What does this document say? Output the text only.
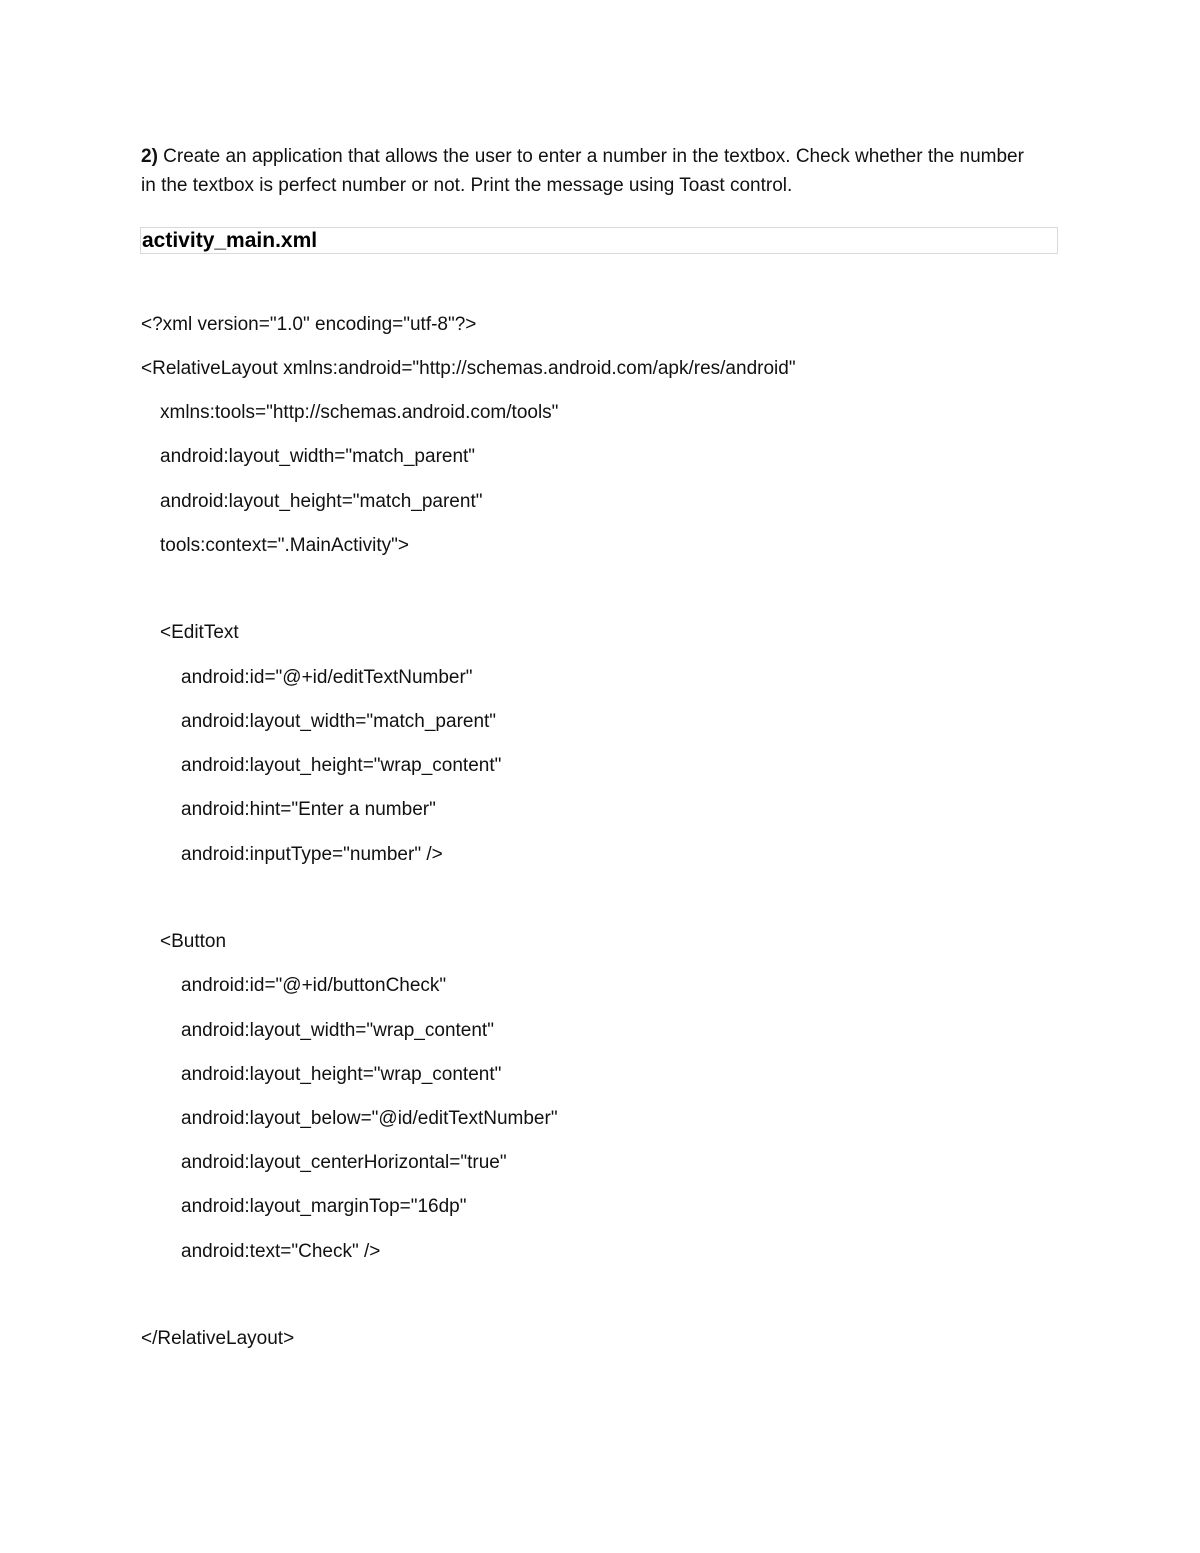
2) Create an application that allows the user to enter a number in the textbox. Check whether the number in the textbox is perfect number or not. Print the message using Toast control.
activity_main.xml
<?xml version="1.0" encoding="utf-8"?>
<RelativeLayout xmlns:android="http://schemas.android.com/apk/res/android"
xmlns:tools="http://schemas.android.com/tools"
android:layout_width="match_parent"
android:layout_height="match_parent"
tools:context=".MainActivity">
<EditText
android:id="@+id/editTextNumber"
android:layout_width="match_parent"
android:layout_height="wrap_content"
android:hint="Enter a number"
android:inputType="number" />
<Button
android:id="@+id/buttonCheck"
android:layout_width="wrap_content"
android:layout_height="wrap_content"
android:layout_below="@id/editTextNumber"
android:layout_centerHorizontal="true"
android:layout_marginTop="16dp"
android:text="Check" />
</RelativeLayout>
